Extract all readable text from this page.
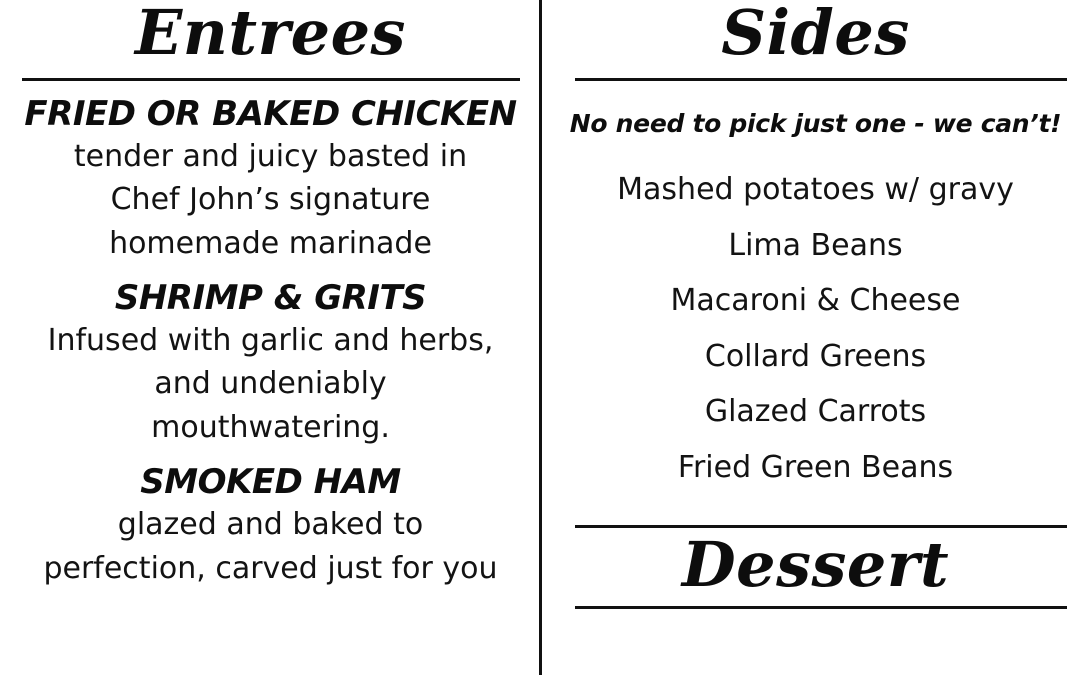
Entrees
FRIED OR BAKED CHICKEN
tender and juicy basted in Chef John’s signature homemade marinade
SHRIMP & GRITS
Infused with garlic and herbs, and undeniably mouthwatering.
SMOKED HAM
glazed and baked to perfection, carved just for you
Sides
No need to pick just one - we can’t!
Mashed potatoes w/ gravy
Lima Beans
Macaroni & Cheese
Collard Greens
Glazed Carrots
Fried Green Beans
Dessert
